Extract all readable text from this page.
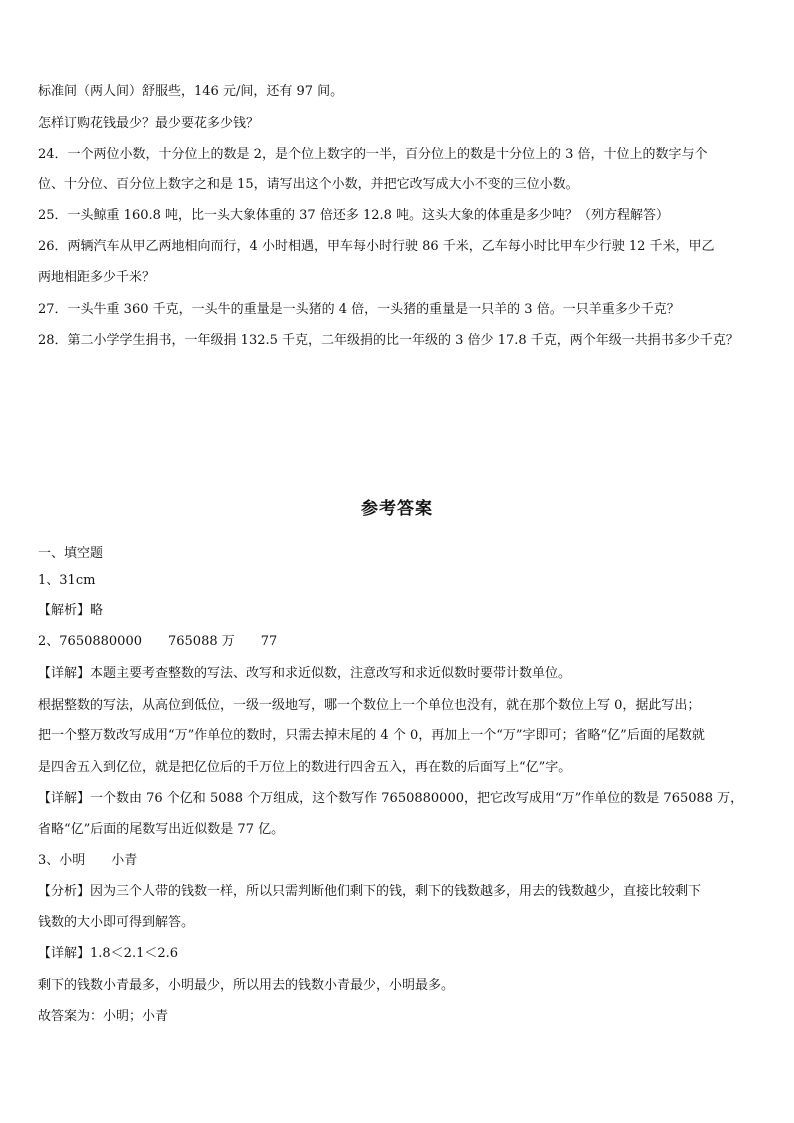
标准间（两人间）舒服些，146 元/间，还有 97 间。
怎样订购花钱最少？最少要花多少钱？
24．一个两位小数，十分位上的数是 2，是个位上数字的一半，百分位上的数是十分位上的 3 倍，十位上的数字与个
位、十分位、百分位上数字之和是 15，请写出这个小数，并把它改写成大小不变的三位小数。
25．一头鲸重 160.8 吨，比一头大象体重的 37 倍还多 12.8 吨。这头大象的体重是多少吨？（列方程解答）
26．两辆汽车从甲乙两地相向而行，4 小时相遇，甲车每小时行驶 86 千米，乙车每小时比甲车少行驶 12 千米，甲乙
两地相距多少千米？
27．一头牛重 360 千克，一头牛的重量是一头猪的 4 倍，一头猪的重量是一只羊的 3 倍。一只羊重多少千克？
28．第二小学学生捐书，一年级捐 132.5 千克，二年级捐的比一年级的 3 倍少 17.8 千克，两个年级一共捐书多少千克？
参考答案
一、填空题
1、31cm
【解析】略
2、7650880000 765088 万 77
【详解】本题主要考查整数的写法、改写和求近似数，注意改写和求近似数时要带计数单位。
根据整数的写法，从高位到低位，一级一级地写，哪一个数位上一个单位也没有，就在那个数位上写 0，据此写出；
把一个整万数改写成用“万”作单位的数时，只需去掉末尾的 4 个 0，再加上一个“万”字即可；省略“亿”后面的尾数就
是四舍五入到亿位，就是把亿位后的千万位上的数进行四舍五入，再在数的后面写上“亿”字。
【详解】一个数由 76 个亿和 5088 个万组成，这个数写作 7650880000，把它改写成用“万”作单位的数是 765088 万，
省略“亿”后面的尾数写出近似数是 77 亿。
3、小明 小青
【分析】因为三个人带的钱数一样，所以只需判断他们剩下的钱，剩下的钱数越多，用去的钱数越少，直接比较剩下
钱数的大小即可得到解答。
【详解】1.8＜2.1＜2.6
剩下的钱数小青最多，小明最少，所以用去的钱数小青最少，小明最多。
故答案为：小明；小青
